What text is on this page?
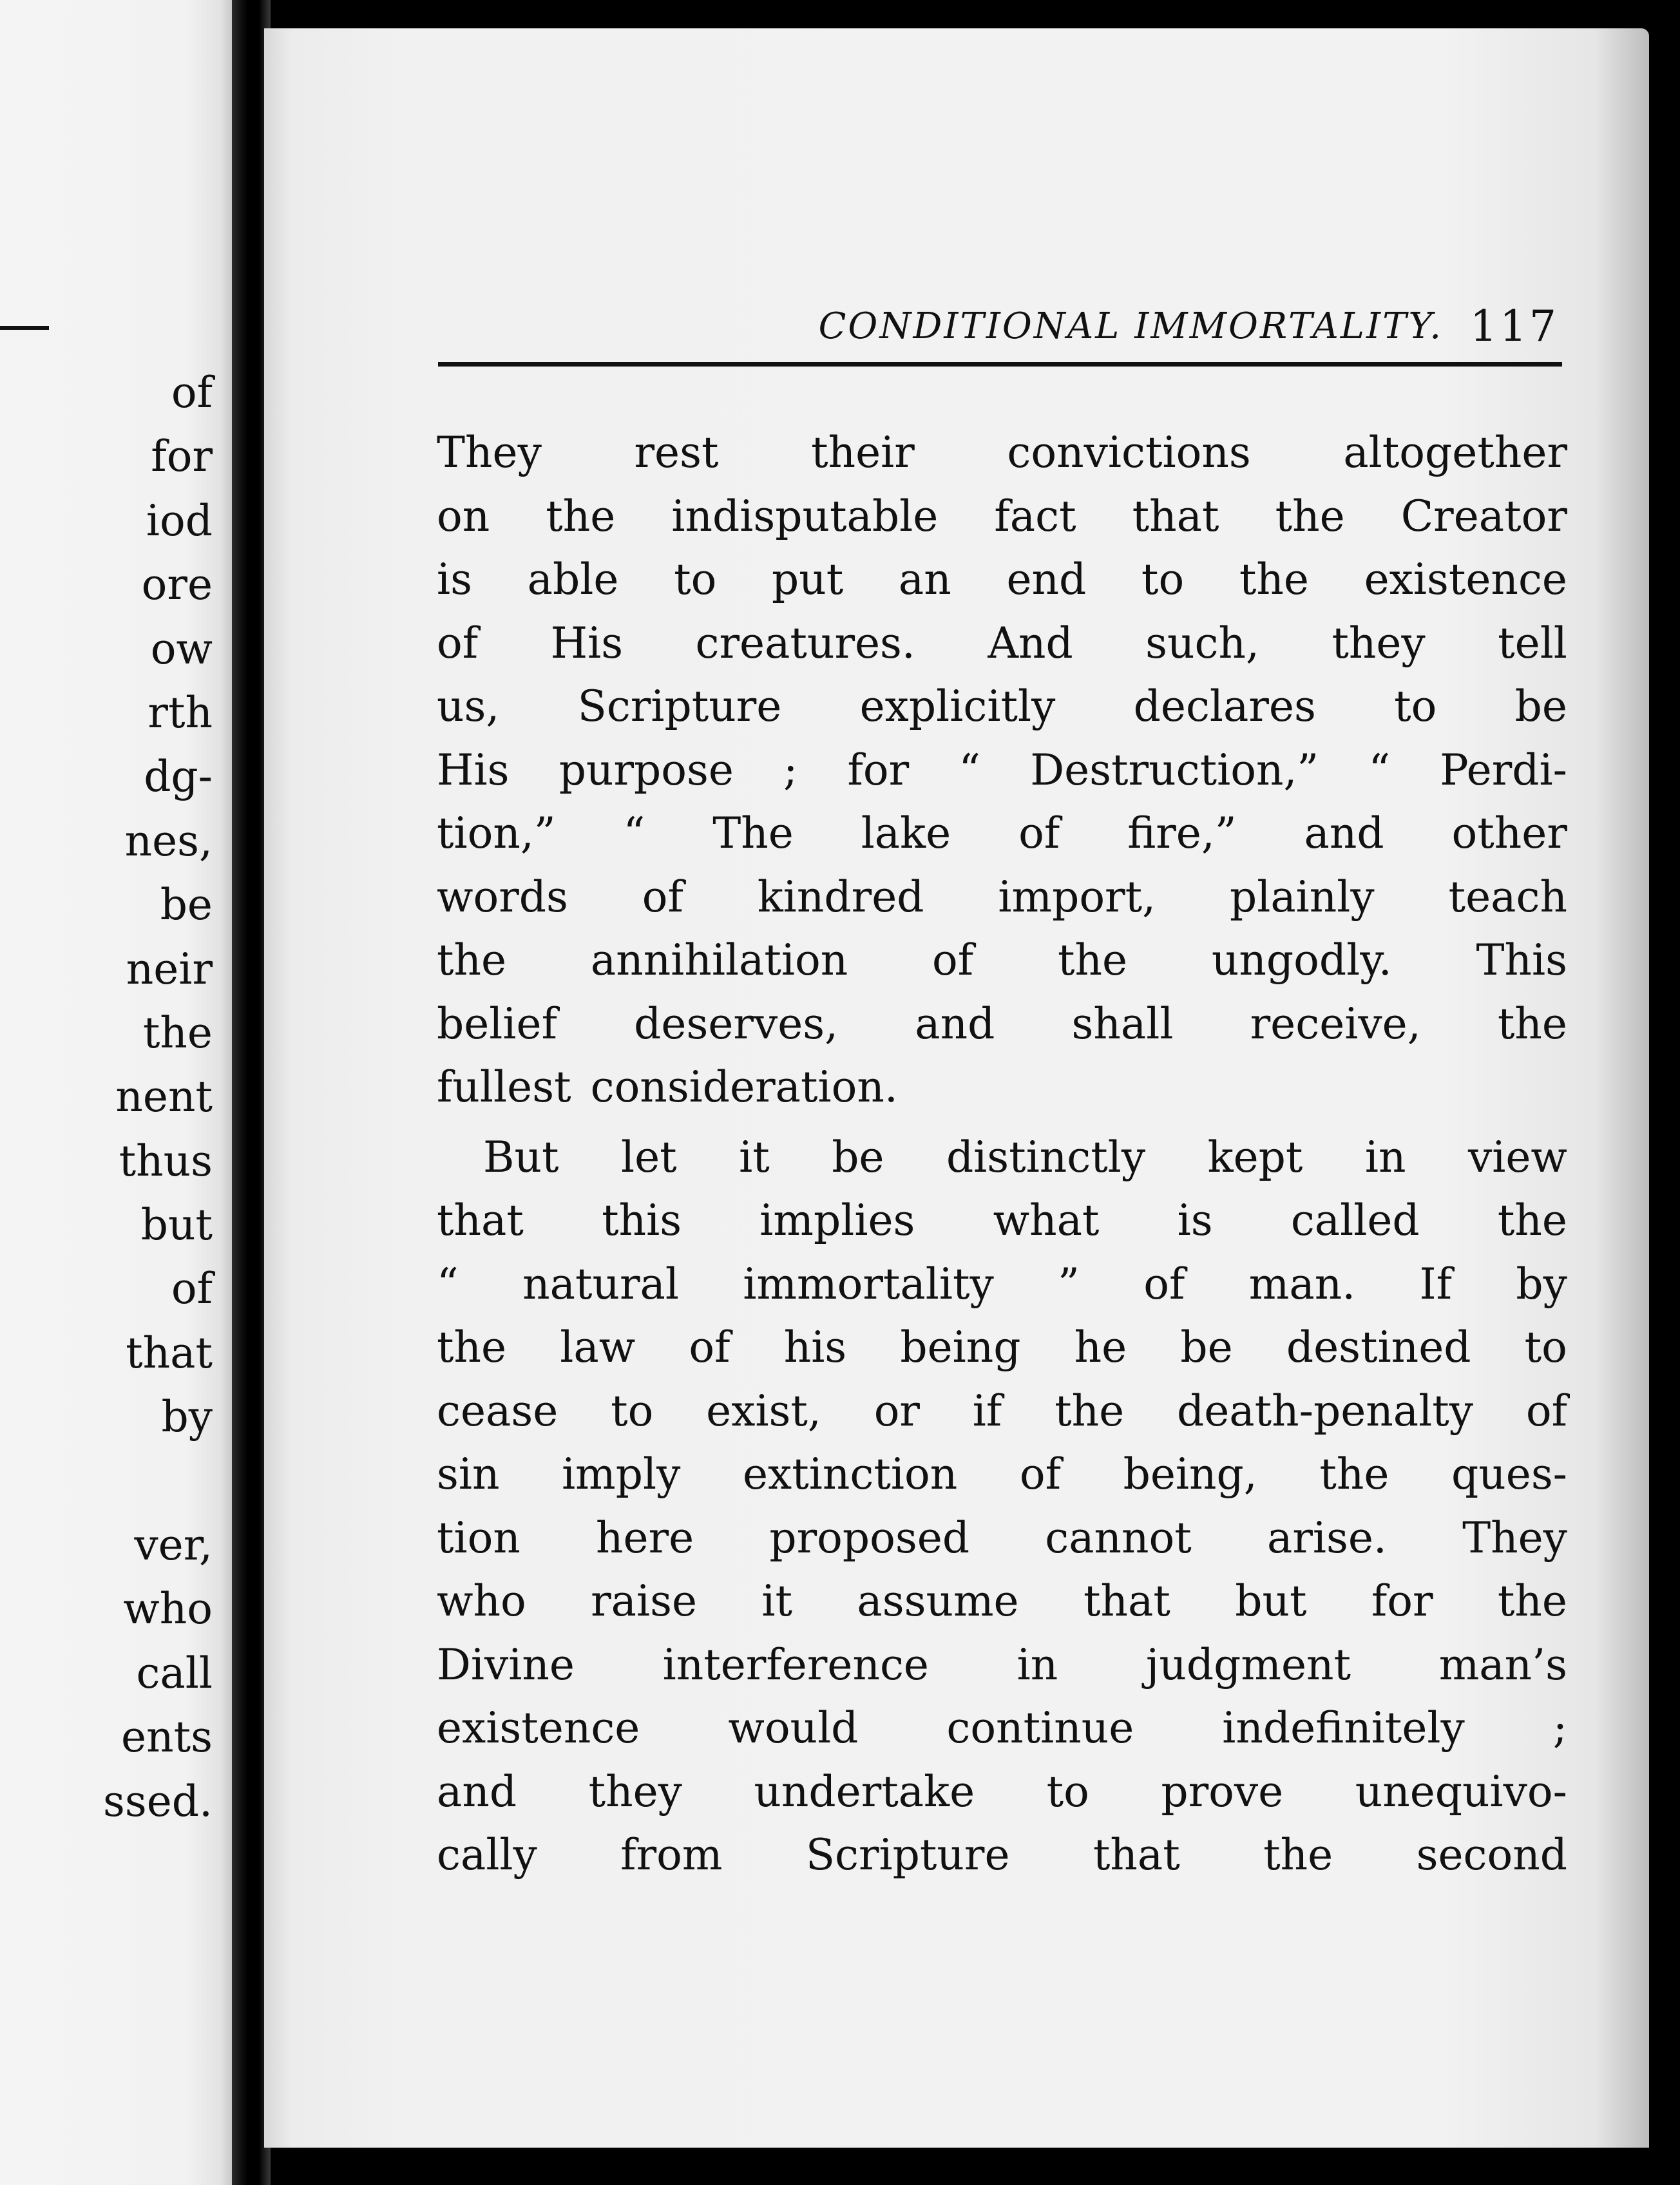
of
for
iod
ore
ow
rth
dg-
nes,
be
neir
the
nent
thus
but
of
that
by
ver,
who
call
ents
ssed.
CONDITIONAL IMMORTALITY. 117
They rest their convictions altogether
on the indisputable fact that the Creator
is able to put an end to the existence
of His creatures. And such, they tell
us, Scripture explicitly declares to be
His purpose ; for “ Destruction,” “ Perdi-
tion,” “ The lake of fire,” and other
words of kindred import, plainly teach
the annihilation of the ungodly. This
belief deserves, and shall receive, the
fullest consideration.
But let it be distinctly kept in view
that this implies what is called the
“ natural immortality ” of man. If by
the law of his being he be destined to
cease to exist, or if the death-penalty of
sin imply extinction of being, the ques-
tion here proposed cannot arise. They
who raise it assume that but for the
Divine interference in judgment man’s
existence would continue indefinitely ;
and they undertake to prove unequivo-
cally from Scripture that the second
